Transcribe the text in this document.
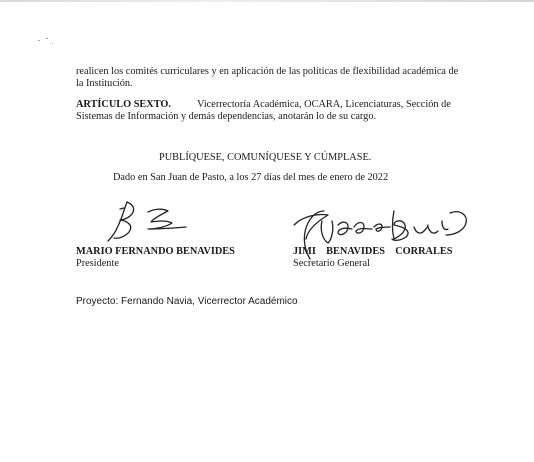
realicen los comités curriculares y en aplicación de las políticas de flexibilidad académica de
la Institución.
ARTÍCULO SEXTO.	Vicerrectoría Académica, OCARA, Licenciaturas, Sección de
Sistemas de Información y demás dependencias, anotarán lo de su cargo.
PUBLÍQUESE, COMUNÍQUESE Y CÚMPLASE.
Dado en San Juan de Pasto, a los 27 días del mes de enero de 2022
MARIO FERNANDO BENAVIDES
Presidente
JIMI    BENAVIDES    CORRALES
Secretario General
Proyecto: Fernando Navia, Vicerrector Académico
